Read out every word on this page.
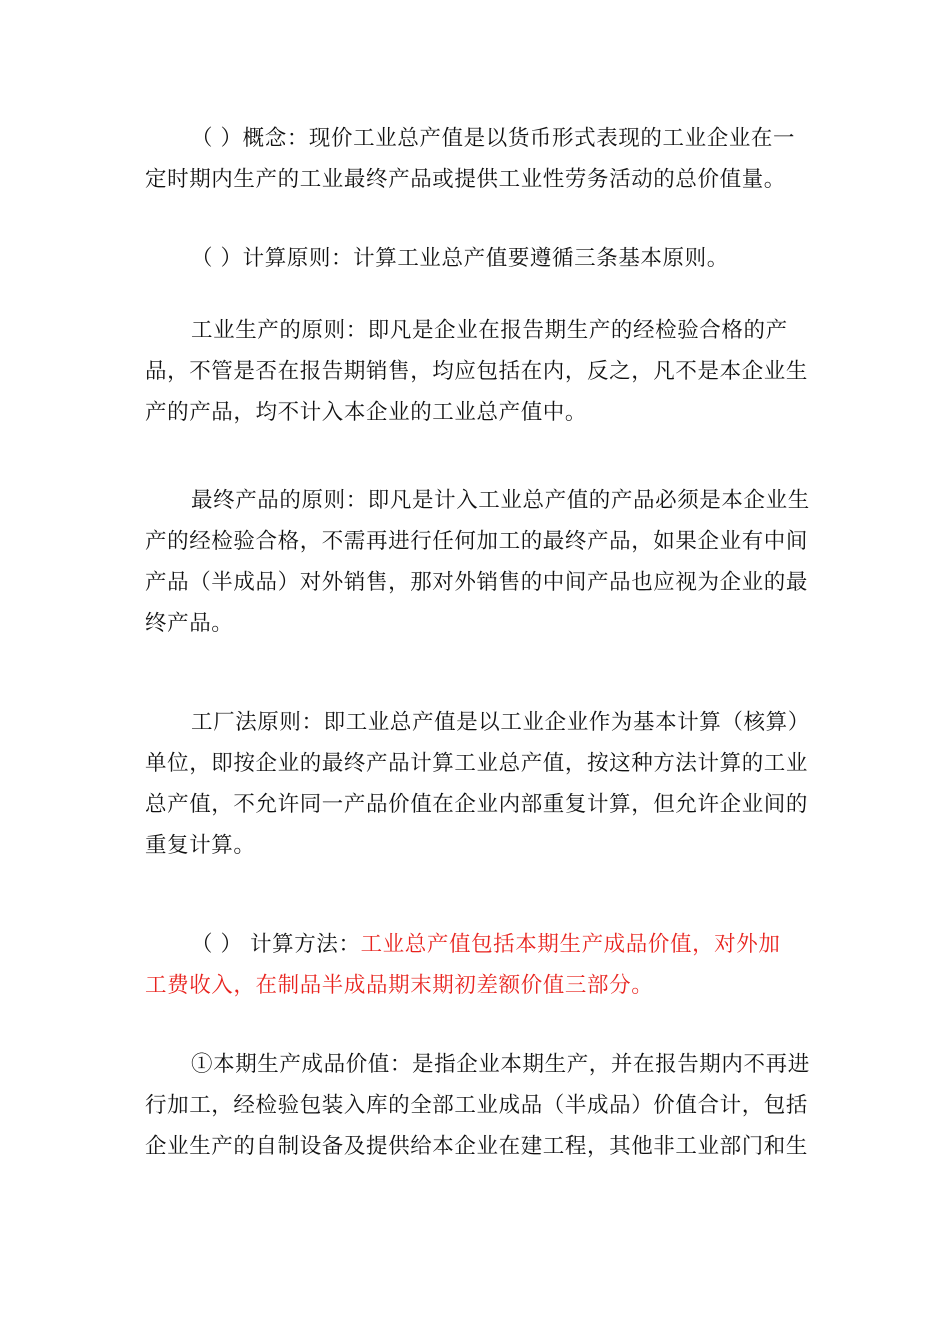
（ ）概念：现价工业总产值是以货币形式表现的工业企业在一
定时期内生产的工业最终产品或提供工业性劳务活动的总价值量。

（ ）计算原则：计算工业总产值要遵循三条基本原则。

工业生产的原则：即凡是企业在报告期生产的经检验合格的产
品，不管是否在报告期销售，均应包括在内，反之，凡不是本企业生
产的产品，均不计入本企业的工业总产值中。

最终产品的原则：即凡是计入工业总产值的产品必须是本企业生
产的经检验合格，不需再进行任何加工的最终产品，如果企业有中间
产品（半成品）对外销售，那对外销售的中间产品也应视为企业的最
终产品。

工厂法原则：即工业总产值是以工业企业作为基本计算（核算）
单位，即按企业的最终产品计算工业总产值，按这种方法计算的工业
总产值，不允许同一产品价值在企业内部重复计算，但允许企业间的
重复计算。

（ ） 计算方法：工业总产值包括本期生产成品价值，对外加
工费收入，在制品半成品期末期初差额价值三部分。

①本期生产成品价值：是指企业本期生产，并在报告期内不再进
行加工，经检验包装入库的全部工业成品（半成品）价值合计，包括
企业生产的自制设备及提供给本企业在建工程，其他非工业部门和生
